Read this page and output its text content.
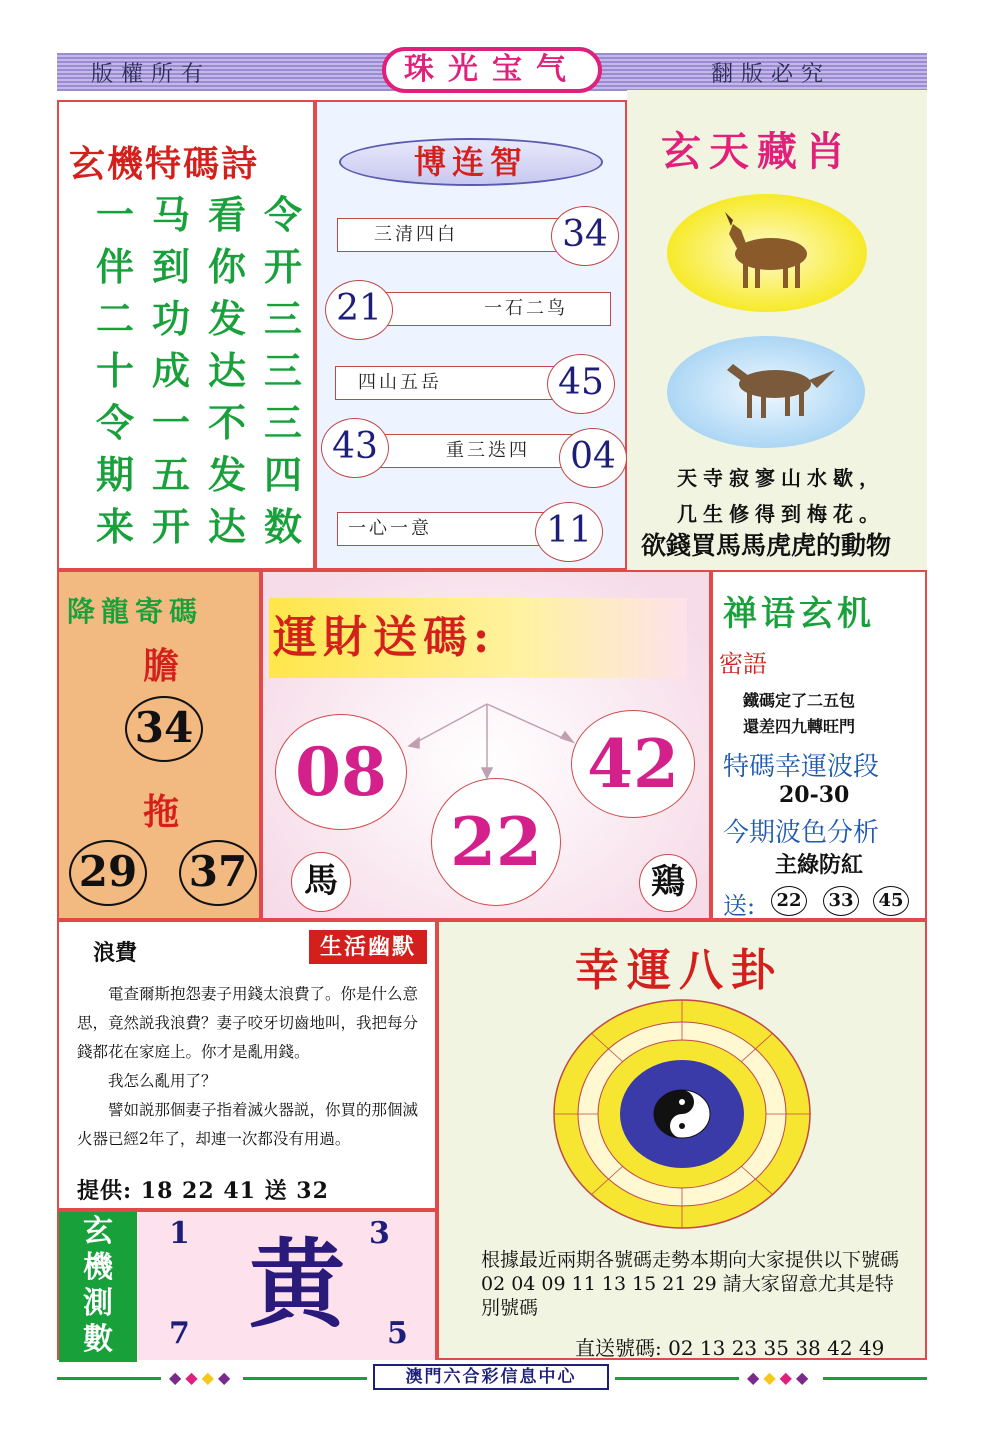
版權所有	珠光宝气	翻版必究
玄機特碼詩
一 马 看 令
伴 到 你 开
二 功 发 三
十 成 达 三
令 一 不 三
期 五 发 四
来 开 达 数
博连智
三清四白	34
一石二鸟
21
四山五岳	45
重三迭四
43	04
一心一意	11
玄天藏肖
天寺寂寥山水歇，
几生修得到梅花。
欲錢買馬馬虎虎的動物
降龍寄碼
膽
34
拖
29 37
運財送碼:
08
22
42
馬	鶏
禅语玄机
密語
鐵碼定了二五包
還差四九轉旺門
特碼幸運波段
20-30
今期波色分析
主綠防紅
送:	22	33	45
浪費	生活幽默

電查爾斯抱怨妻子用錢太浪費了。你是什么意思，竟然説我浪費？妻子咬牙切齒地叫，我把每分錢都花在家庭上。你才是亂用錢。

我怎么亂用了？

譬如説那個妻子指着滅火器説，你買的那個滅火器已經2年了，却連一次都没有用過。

提供: 18 22 41 送 32
玄
機
測
數
1	3
7	5
黄
幸運八卦
根據最近兩期各號碼走勢本期向大家提供以下號碼 02 04 09 11 13 15 21 29 請大家留意尤其是特別號碼
直送號碼: 02 13 23 35 38 42 49
◆◆◆◆	澳門六合彩信息中心	◆◆◆◆
